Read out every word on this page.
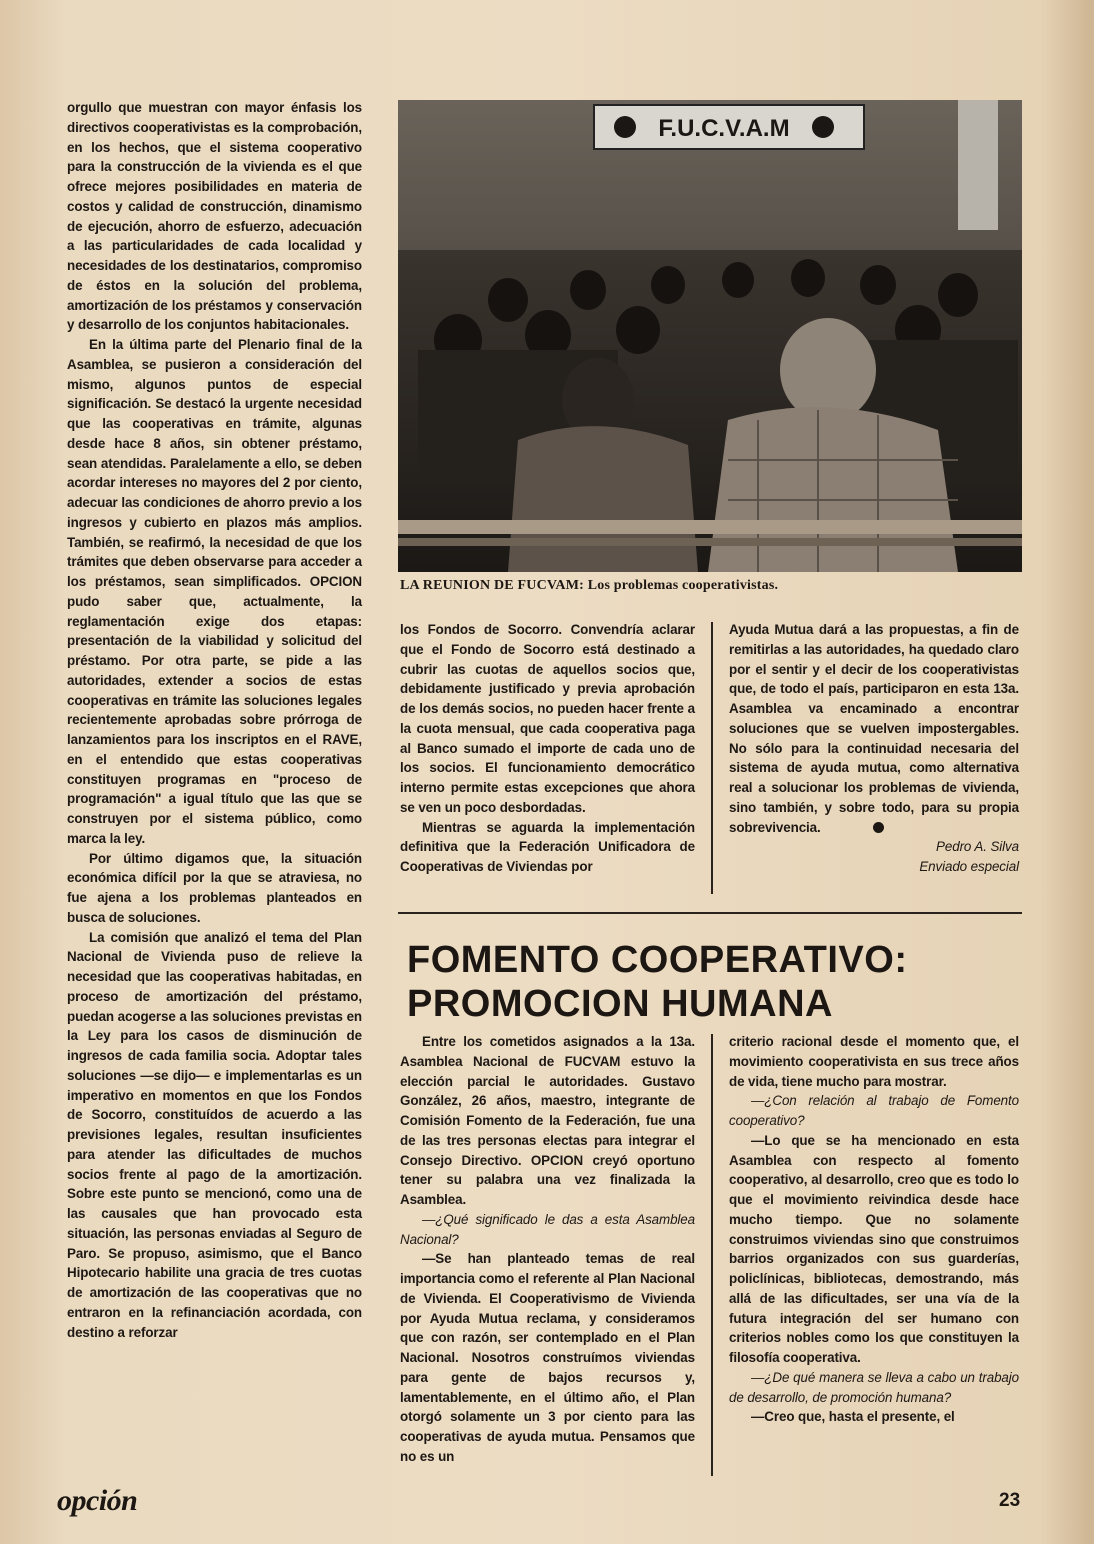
orgullo que muestran con mayor énfasis los directivos cooperativistas es la comprobación, en los hechos, que el sistema cooperativo para la construcción de la vivienda es el que ofrece mejores posibilidades en materia de costos y calidad de construcción, dinamismo de ejecución, ahorro de esfuerzo, adecuación a las particularidades de cada localidad y necesidades de los destinatarios, compromiso de éstos en la solución del problema, amortización de los préstamos y conservación y desarrollo de los conjuntos habitacionales.

En la última parte del Plenario final de la Asamblea, se pusieron a consideración del mismo, algunos puntos de especial significación. Se destacó la urgente necesidad que las cooperativas en trámite, algunas desde hace 8 años, sin obtener préstamo, sean atendidas. Paralelamente a ello, se deben acordar intereses no mayores del 2 por ciento, adecuar las condiciones de ahorro previo a los ingresos y cubierto en plazos más amplios. También, se reafirmó, la necesidad de que los trámites que deben observarse para acceder a los préstamos, sean simplificados. OPCION pudo saber que, actualmente, la reglamentación exige dos etapas: presentación de la viabilidad y solicitud del préstamo. Por otra parte, se pide a las autoridades, extender a socios de estas cooperativas en trámite las soluciones legales recientemente aprobadas sobre prórroga de lanzamientos para los inscriptos en el RAVE, en el entendido que estas cooperativas constituyen programas en "proceso de programación" a igual título que las que se construyen por el sistema público, como marca la ley.

Por último digamos que, la situación económica difícil por la que se atraviesa, no fue ajena a los problemas planteados en busca de soluciones.

La comisión que analizó el tema del Plan Nacional de Vivienda puso de relieve la necesidad que las cooperativas habitadas, en proceso de amortización del préstamo, puedan acogerse a las soluciones previstas en la Ley para los casos de disminución de ingresos de cada familia socia. Adoptar tales soluciones —se dijo— e implementarlas es un imperativo en momentos en que los Fondos de Socorro, constituídos de acuerdo a las previsiones legales, resultan insuficientes para atender las dificultades de muchos socios frente al pago de la amortización. Sobre este punto se mencionó, como una de las causales que han provocado esta situación, las personas enviadas al Seguro de Paro. Se propuso, asimismo, que el Banco Hipotecario habilite una gracia de tres cuotas de amortización de las cooperativas que no entraron en la refinanciación acordada, con destino a reforzar

F.U.C.V.A.M
LA REUNION DE FUCVAM: Los problemas cooperativistas.

los Fondos de Socorro. Convendría aclarar que el Fondo de Socorro está destinado a cubrir las cuotas de aquellos socios que, debidamente justificado y previa aprobación de los demás socios, no pueden hacer frente a la cuota mensual, que cada cooperativa paga al Banco sumado el importe de cada uno de los socios. El funcionamiento democrático interno permite estas excepciones que ahora se ven un poco desbordadas.

Mientras se aguarda la implementación definitiva que la Federación Unificadora de Cooperativas de Viviendas por

Ayuda Mutua dará a las propuestas, a fin de remitirlas a las autoridades, ha quedado claro por el sentir y el decir de los cooperativistas que, de todo el país, participaron en esta 13a. Asamblea va encaminado a encontrar soluciones que se vuelven impostergables. No sólo para la continuidad necesaria del sistema de ayuda mutua, como alternativa real a solucionar los problemas de vivienda, sino también, y sobre todo, para su propia sobrevivencia.

Pedro A. Silva

Enviado especial

FOMENTO COOPERATIVO:
PROMOCION HUMANA

Entre los cometidos asignados a la 13a. Asamblea Nacional de FUCVAM estuvo la elección parcial le autoridades. Gustavo González, 26 años, maestro, integrante de Comisión Fomento de la Federación, fue una de las tres personas electas para integrar el Consejo Directivo. OPCION creyó oportuno tener su palabra una vez finalizada la Asamblea.

—¿Qué significado le das a esta Asamblea Nacional?

—Se han planteado temas de real importancia como el referente al Plan Nacional de Vivienda. El Cooperativismo de Vivienda por Ayuda Mutua reclama, y consideramos que con razón, ser contemplado en el Plan Nacional. Nosotros construímos viviendas para gente de bajos recursos y, lamentablemente, en el último año, el Plan otorgó solamente un 3 por ciento para las cooperativas de ayuda mutua. Pensamos que no es un

criterio racional desde el momento que, el movimiento cooperativista en sus trece años de vida, tiene mucho para mostrar.

—¿Con relación al trabajo de Fomento cooperativo?

—Lo que se ha mencionado en esta Asamblea con respecto al fomento cooperativo, al desarrollo, creo que es todo lo que el movimiento reivindica desde hace mucho tiempo. Que no solamente construimos viviendas sino que construimos barrios organizados con sus guarderías, policlínicas, bibliotecas, demostrando, más allá de las dificultades, ser una vía de la futura integración del ser humano con criterios nobles como los que constituyen la filosofía cooperativa.

—¿De qué manera se lleva a cabo un trabajo de desarrollo, de promoción humana?

—Creo que, hasta el presente, el

opción	23
